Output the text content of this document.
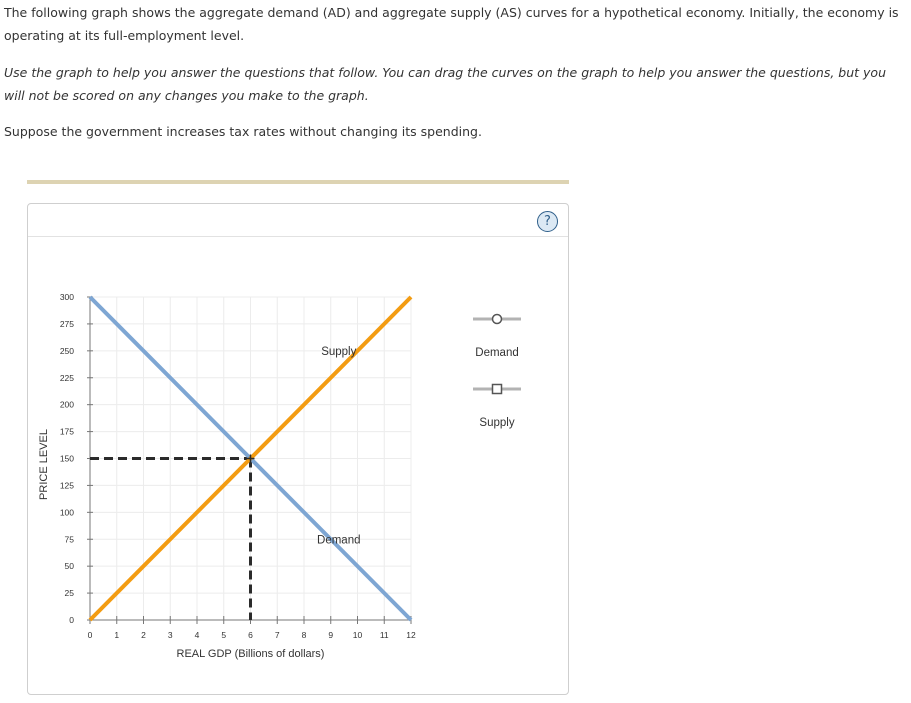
The following graph shows the aggregate demand (AD) and aggregate supply (AS) curves for a hypothetical economy. Initially, the economy is operating at its full-employment level.

Use the graph to help you answer the questions that follow. You can drag the curves on the graph to help you answer the questions, but you will not be scored on any changes you make to the graph.

Suppose the government increases tax rates without changing its spending.

?
0	1	2	3	4	5	6	7	8	9 10 11 12
0
25
50
75
100
125
150
175
200
225
250
275
300
REAL GDP (Billions of dollars)
PRICE LEVEL
Demand
Supply	Demand
Supply
